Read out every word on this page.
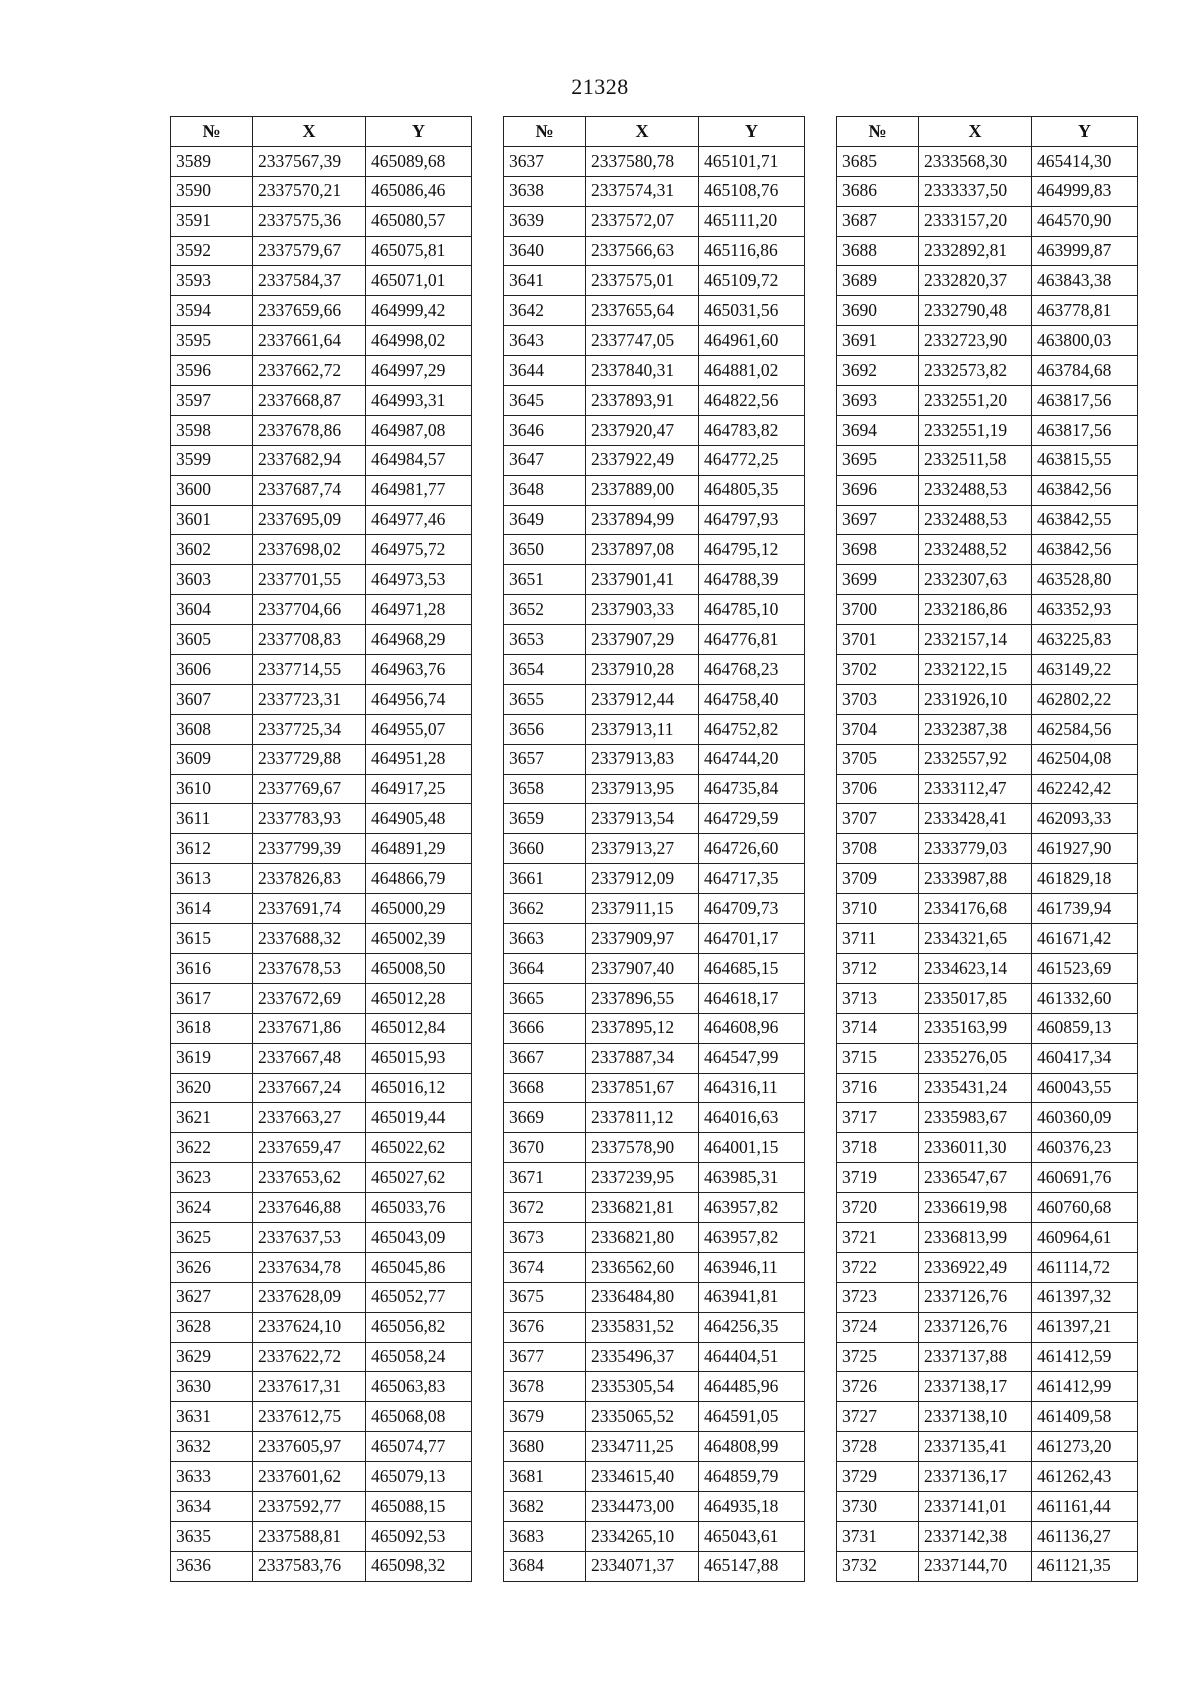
21328
№	X	Y
3589	2337567,39	465089,68
3590	2337570,21	465086,46
3591	2337575,36	465080,57
3592	2337579,67	465075,81
3593	2337584,37	465071,01
3594	2337659,66	464999,42
3595	2337661,64	464998,02
3596	2337662,72	464997,29
3597	2337668,87	464993,31
3598	2337678,86	464987,08
3599	2337682,94	464984,57
3600	2337687,74	464981,77
3601	2337695,09	464977,46
3602	2337698,02	464975,72
3603	2337701,55	464973,53
3604	2337704,66	464971,28
3605	2337708,83	464968,29
3606	2337714,55	464963,76
3607	2337723,31	464956,74
3608	2337725,34	464955,07
3609	2337729,88	464951,28
3610	2337769,67	464917,25
3611	2337783,93	464905,48
3612	2337799,39	464891,29
3613	2337826,83	464866,79
3614	2337691,74	465000,29
3615	2337688,32	465002,39
3616	2337678,53	465008,50
3617	2337672,69	465012,28
3618	2337671,86	465012,84
3619	2337667,48	465015,93
3620	2337667,24	465016,12
3621	2337663,27	465019,44
3622	2337659,47	465022,62
3623	2337653,62	465027,62
3624	2337646,88	465033,76
3625	2337637,53	465043,09
3626	2337634,78	465045,86
3627	2337628,09	465052,77
3628	2337624,10	465056,82
3629	2337622,72	465058,24
3630	2337617,31	465063,83
3631	2337612,75	465068,08
3632	2337605,97	465074,77
3633	2337601,62	465079,13
3634	2337592,77	465088,15
3635	2337588,81	465092,53
3636	2337583,76	465098,32
№	X	Y
3637	2337580,78	465101,71
3638	2337574,31	465108,76
3639	2337572,07	465111,20
3640	2337566,63	465116,86
3641	2337575,01	465109,72
3642	2337655,64	465031,56
3643	2337747,05	464961,60
3644	2337840,31	464881,02
3645	2337893,91	464822,56
3646	2337920,47	464783,82
3647	2337922,49	464772,25
3648	2337889,00	464805,35
3649	2337894,99	464797,93
3650	2337897,08	464795,12
3651	2337901,41	464788,39
3652	2337903,33	464785,10
3653	2337907,29	464776,81
3654	2337910,28	464768,23
3655	2337912,44	464758,40
3656	2337913,11	464752,82
3657	2337913,83	464744,20
3658	2337913,95	464735,84
3659	2337913,54	464729,59
3660	2337913,27	464726,60
3661	2337912,09	464717,35
3662	2337911,15	464709,73
3663	2337909,97	464701,17
3664	2337907,40	464685,15
3665	2337896,55	464618,17
3666	2337895,12	464608,96
3667	2337887,34	464547,99
3668	2337851,67	464316,11
3669	2337811,12	464016,63
3670	2337578,90	464001,15
3671	2337239,95	463985,31
3672	2336821,81	463957,82
3673	2336821,80	463957,82
3674	2336562,60	463946,11
3675	2336484,80	463941,81
3676	2335831,52	464256,35
3677	2335496,37	464404,51
3678	2335305,54	464485,96
3679	2335065,52	464591,05
3680	2334711,25	464808,99
3681	2334615,40	464859,79
3682	2334473,00	464935,18
3683	2334265,10	465043,61
3684	2334071,37	465147,88
№	X	Y
3685	2333568,30	465414,30
3686	2333337,50	464999,83
3687	2333157,20	464570,90
3688	2332892,81	463999,87
3689	2332820,37	463843,38
3690	2332790,48	463778,81
3691	2332723,90	463800,03
3692	2332573,82	463784,68
3693	2332551,20	463817,56
3694	2332551,19	463817,56
3695	2332511,58	463815,55
3696	2332488,53	463842,56
3697	2332488,53	463842,55
3698	2332488,52	463842,56
3699	2332307,63	463528,80
3700	2332186,86	463352,93
3701	2332157,14	463225,83
3702	2332122,15	463149,22
3703	2331926,10	462802,22
3704	2332387,38	462584,56
3705	2332557,92	462504,08
3706	2333112,47	462242,42
3707	2333428,41	462093,33
3708	2333779,03	461927,90
3709	2333987,88	461829,18
3710	2334176,68	461739,94
3711	2334321,65	461671,42
3712	2334623,14	461523,69
3713	2335017,85	461332,60
3714	2335163,99	460859,13
3715	2335276,05	460417,34
3716	2335431,24	460043,55
3717	2335983,67	460360,09
3718	2336011,30	460376,23
3719	2336547,67	460691,76
3720	2336619,98	460760,68
3721	2336813,99	460964,61
3722	2336922,49	461114,72
3723	2337126,76	461397,32
3724	2337126,76	461397,21
3725	2337137,88	461412,59
3726	2337138,17	461412,99
3727	2337138,10	461409,58
3728	2337135,41	461273,20
3729	2337136,17	461262,43
3730	2337141,01	461161,44
3731	2337142,38	461136,27
3732	2337144,70	461121,35
